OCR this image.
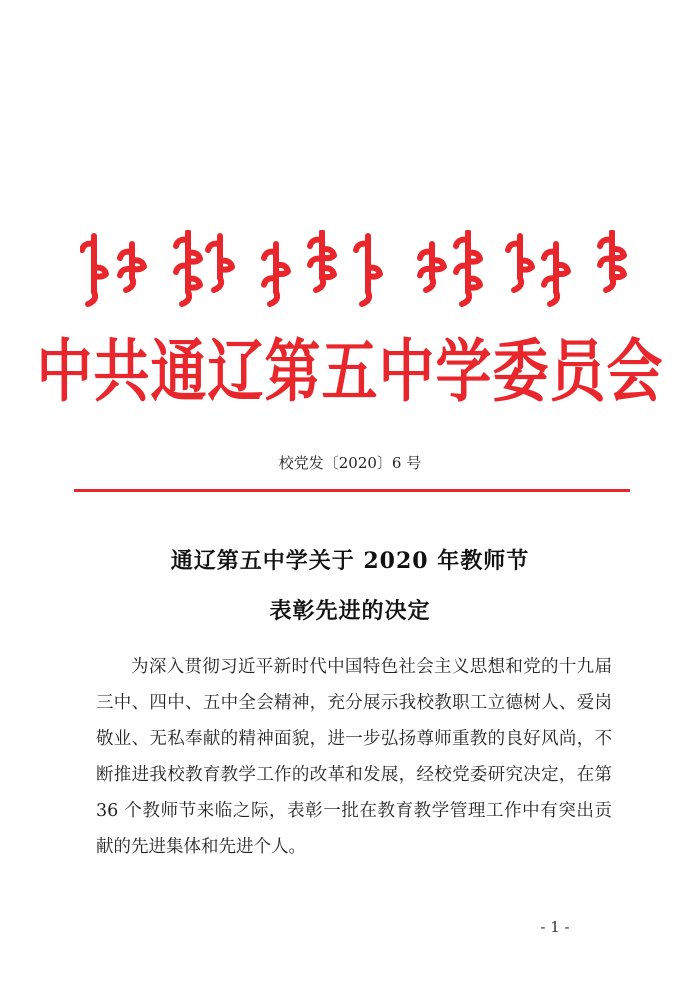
中共通辽第五中学委员会
校党发〔2020〕6 号
通辽第五中学关于 2020 年教师节
表彰先进的决定

为深入贯彻习近平新时代中国特色社会主义思想和党的十九届三中、四中、五中全会精神，充分展示我校教职工立德树人、爱岗敬业、无私奉献的精神面貌，进一步弘扬尊师重教的良好风尚，不断推进我校教育教学工作的改革和发展，经校党委研究决定，在第 36 个教师节来临之际，表彰一批在教育教学管理工作中有突出贡献的先进集体和先进个人。

- 1 -
